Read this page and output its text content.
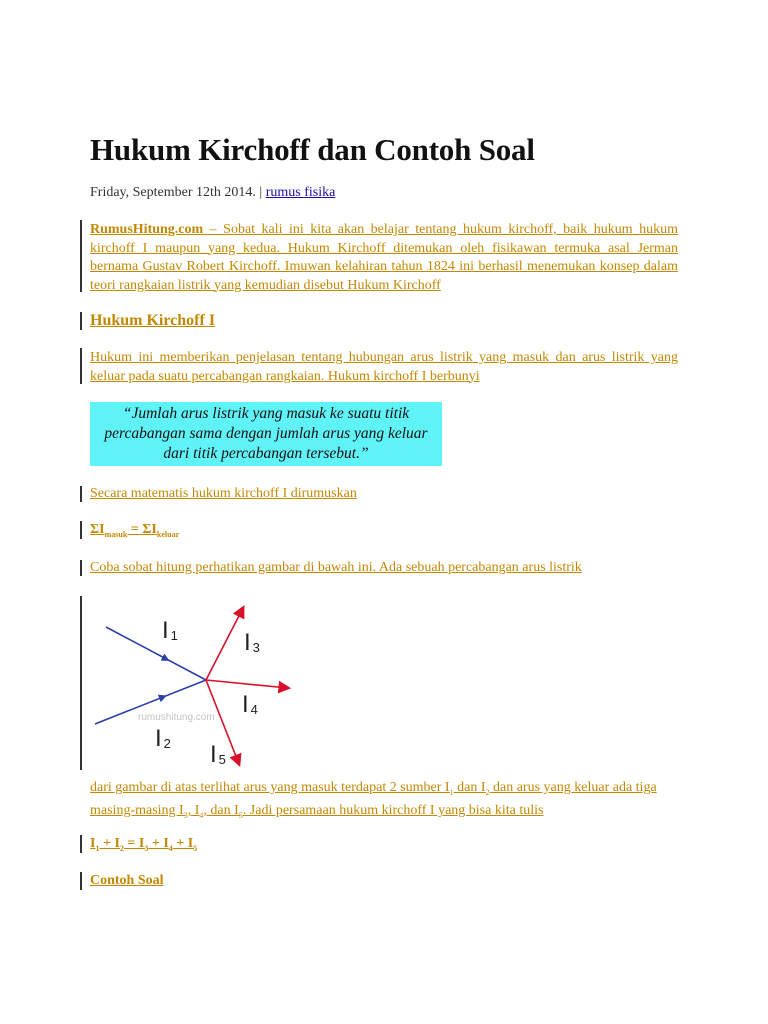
Hukum Kirchoff dan Contoh Soal
Friday, September 12th 2014. | rumus fisika
RumusHitung.com – Sobat kali ini kita akan belajar tentang hukum kirchoff, baik hukum hukum kirchoff I maupun yang kedua. Hukum Kirchoff ditemukan oleh fisikawan termuka asal Jerman bernama Gustav Robert Kirchoff. Imuwan kelahiran tahun 1824 ini berhasil menemukan konsep dalam teori rangkaian listrik yang kemudian disebut Hukum Kirchoff
Hukum Kirchoff I
Hukum ini memberikan penjelasan tentang hubungan arus listrik yang masuk dan arus listrik yang keluar pada suatu percabangan rangkaian. Hukum kirchoff I berbunyi
“Jumlah arus listrik yang masuk ke suatu titik percabangan sama dengan jumlah arus yang keluar dari titik percabangan tersebut.”
Secara matematis hukum kirchoff I dirumuskan
$\Sigma I_{masuk} = \Sigma I_{keluar}$
Coba sobat hitung perhatikan gambar di bawah ini. Ada sebuah percabangan arus listrik
I 1
I 2
I 3
I 4
I 5
rumushitung.com
dari gambar di atas terlihat arus yang masuk terdapat 2 sumber $I_1$ dan $I_2$ dan arus yang keluar ada tiga masing-masing $I_3$, $I_4$, dan $I_5$. Jadi persamaan hukum kirchoff I yang bisa kita tulis
$I_1 + I_2 = I_3 + I_4 + I_5$
Contoh Soal
